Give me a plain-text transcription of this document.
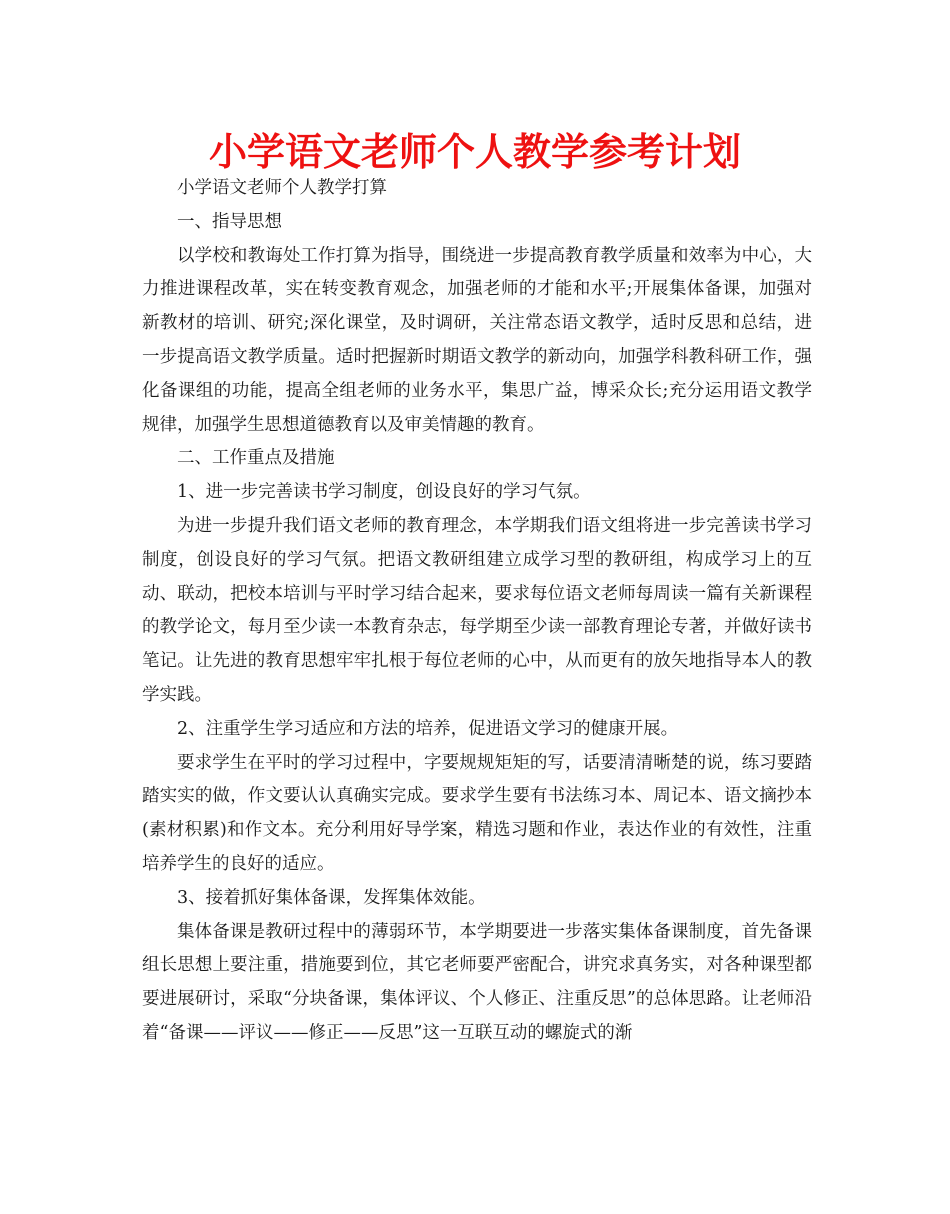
小学语文老师个人教学参考计划

小学语文老师个人教学打算

一、指导思想

以学校和教诲处工作打算为指导，围绕进一步提高教育教学质量和效率为中心，大力推进课程改革，实在转变教育观念，加强老师的才能和水平;开展集体备课，加强对新教材的培训、研究;深化课堂，及时调研，关注常态语文教学，适时反思和总结，进一步提高语文教学质量。适时把握新时期语文教学的新动向，加强学科教科研工作，强化备课组的功能，提高全组老师的业务水平，集思广益，博采众长;充分运用语文教学规律，加强学生思想道德教育以及审美情趣的教育。

二、工作重点及措施

1、进一步完善读书学习制度，创设良好的学习气氛。

为进一步提升我们语文老师的教育理念，本学期我们语文组将进一步完善读书学习制度，创设良好的学习气氛。把语文教研组建立成学习型的教研组，构成学习上的互动、联动，把校本培训与平时学习结合起来，要求每位语文老师每周读一篇有关新课程的教学论文，每月至少读一本教育杂志，每学期至少读一部教育理论专著，并做好读书笔记。让先进的教育思想牢牢扎根于每位老师的心中，从而更有的放矢地指导本人的教学实践。

2、注重学生学习适应和方法的培养，促进语文学习的健康开展。

要求学生在平时的学习过程中，字要规规矩矩的写，话要清清晰楚的说，练习要踏踏实实的做，作文要认认真确实完成。要求学生要有书法练习本、周记本、语文摘抄本(素材积累)和作文本。充分利用好导学案，精选习题和作业，表达作业的有效性，注重培养学生的良好的适应。

3、接着抓好集体备课，发挥集体效能。

集体备课是教研过程中的薄弱环节，本学期要进一步落实集体备课制度，首先备课组长思想上要注重，措施要到位，其它老师要严密配合，讲究求真务实，对各种课型都要进展研讨，采取“分块备课，集体评议、个人修正、注重反思”的总体思路。让老师沿着“备课——评议——修正——反思”这一互联互动的螺旋式的渐
